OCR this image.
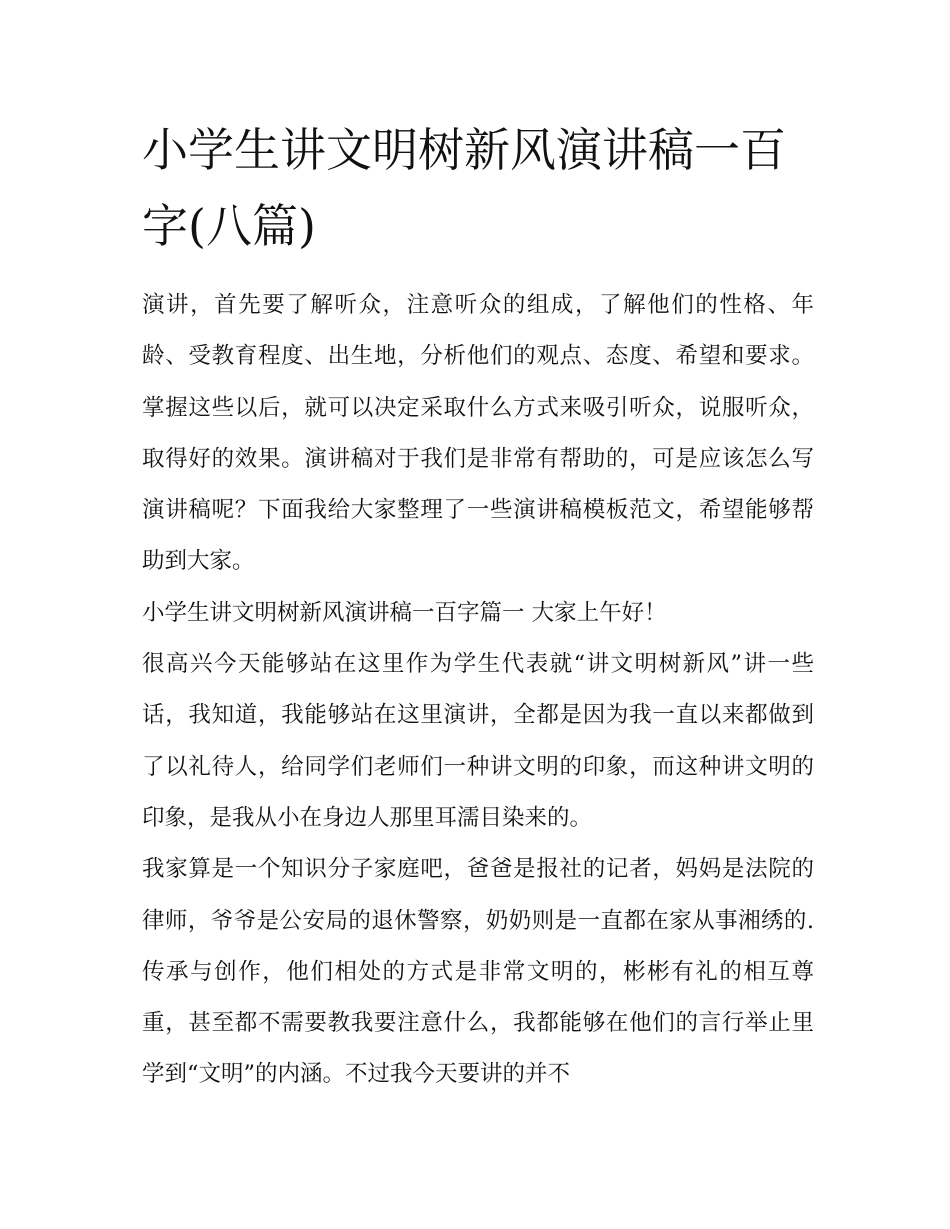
小学生讲文明树新风演讲稿一百字(八篇)

演讲，首先要了解听众，注意听众的组成，了解他们的性格、年龄、受教育程度、出生地，分析他们的观点、态度、希望和要求。掌握这些以后，就可以决定采取什么方式来吸引听众，说服听众，取得好的效果。演讲稿对于我们是非常有帮助的，可是应该怎么写演讲稿呢？下面我给大家整理了一些演讲稿模板范文，希望能够帮助到大家。

小学生讲文明树新风演讲稿一百字篇一 大家上午好！

很高兴今天能够站在这里作为学生代表就“讲文明树新风”讲一些话，我知道，我能够站在这里演讲，全都是因为我一直以来都做到了以礼待人，给同学们老师们一种讲文明的印象，而这种讲文明的印象，是我从小在身边人那里耳濡目染来的。

我家算是一个知识分子家庭吧，爸爸是报社的记者，妈妈是法院的律师，爷爷是公安局的退休警察，奶奶则是一直都在家从事湘绣的.传承与创作，他们相处的方式是非常文明的，彬彬有礼的相互尊重，甚至都不需要教我要注意什么，我都能够在他们的言行举止里学到“文明”的内涵。不过我今天要讲的并不
